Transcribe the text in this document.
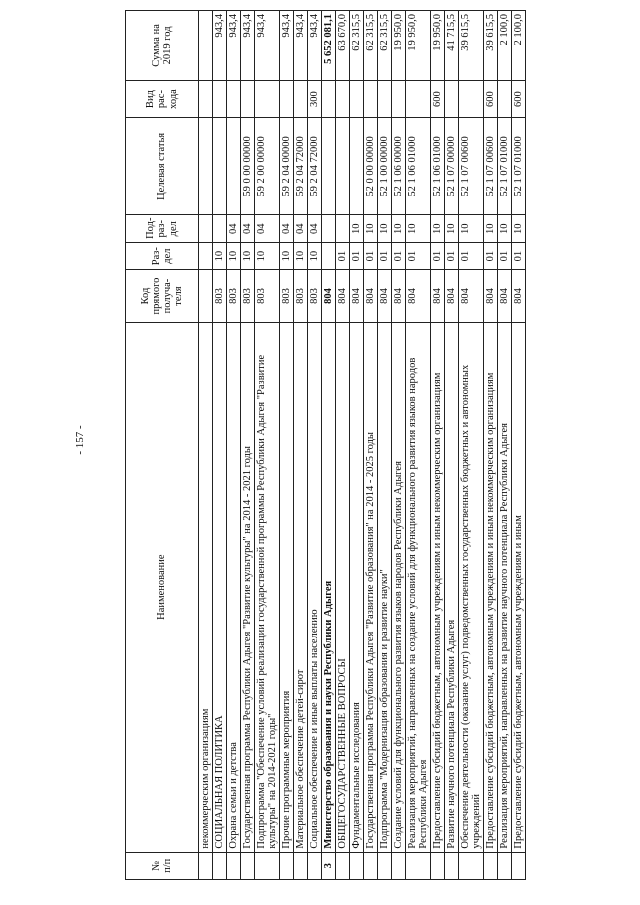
- 157 -
№ п/п	Наименование	Код прямого получа-теля	Раз-дел	Под-раз-дел	Целевая статья	Вид рас-хода	Сумма на 2019 год
	некоммерческим организациям						
	СОЦИАЛЬНАЯ ПОЛИТИКА	803	10				943,4
	Охрана семьи и детства	803	10	04			943,4
	Государственная программа Республики Адыгея "Развитие культуры" на 2014 - 2021 годы	803	10	04	59 0 00 00000		943,4
	Подпрограмма "Обеспечение условий реализации государственной программы Республики Адыгея "Развитие культуры" на 2014-2021 годы"	803	10	04	59 2 00 00000		943,4
	Прочие программные мероприятия	803	10	04	59 2 04 00000		943,4
	Материальное обеспечение детей-сирот	803	10	04	59 2 04 72000		943,4
	Социальное обеспечение и иные выплаты населению	803	10	04	59 2 04 72000	300	943,4
3	Министерство образования и науки Республики Адыгея	804					5 652 081,1
	ОБЩЕГОСУДАРСТВЕННЫЕ ВОПРОСЫ	804	01				63 670,0
	Фундаментальные исследования	804	01	10			62 315,5
	Государственная программа Республики Адыгея "Развитие образования" на 2014 - 2025 годы	804	01	10	52 0 00 00000		62 315,5
	Подпрограмма "Модернизация образования и развитие науки"	804	01	10	52 1 00 00000		62 315,5
	Создание условий для функционального развития языков народов Республики Адыгея	804	01	10	52 1 06 00000		19 950,0
	Реализация мероприятий, направленных на создание условий для функционального развития языков народов Республики Адыгея	804	01	10	52 1 06 01000		19 950,0
	Предоставление субсидий бюджетным, автономным учреждениям и иным некоммерческим организациям	804	01	10	52 1 06 01000	600	19 950,0
	Развитие научного потенциала Республики Адыгея	804	01	10	52 1 07 00000		41 715,5
	Обеспечение деятельности (оказание услуг) подведомственных государственных бюджетных и автономных учреждений	804	01	10	52 1 07 00600		39 615,5
	Предоставление субсидий бюджетным, автономным учреждениям и иным некоммерческим организациям	804	01	10	52 1 07 00600	600	39 615,5
	Реализация мероприятий, направленных на развитие научного потенциала Республики Адыгея	804	01	10	52 1 07 01000		2 100,0
	Предоставление субсидий бюджетным, автономным учреждениям и иным	804	01	10	52 1 07 01000	600	2 100,0
